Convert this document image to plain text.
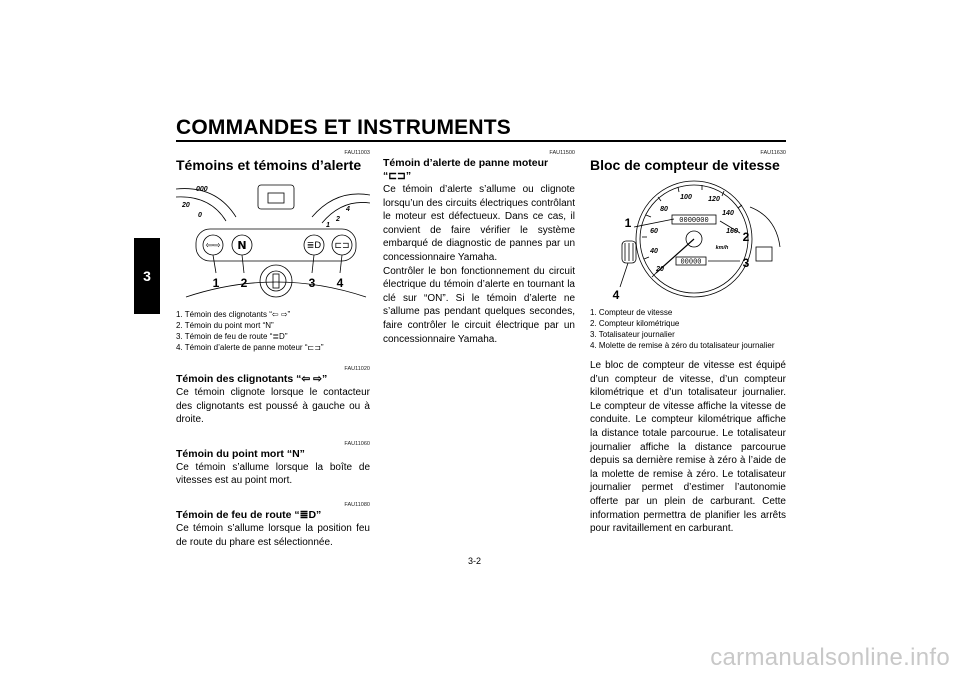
COMMANDES ET INSTRUMENTS
3
FAU11003
Témoins et témoins d’alerte
20
0
4
2
1
000
⇦⇨ N	≣D ⊏⊐
1 2	3 4
1. Témoin des clignotants “⇦ ⇨”
2. Témoin du point mort “N”
3. Témoin de feu de route “≣D”
4. Témoin d’alerte de panne moteur “⊏⊐”
FAU11020
Témoin des clignotants “⇦ ⇨”

Ce témoin clignote lorsque le contacteur des clignotants est poussé à gauche ou à droite.

FAU11060
Témoin du point mort “N”

Ce témoin s’allume lorsque la boîte de vitesses est au point mort.

FAU11080
Témoin de feu de route “≣D”

Ce témoin s’allume lorsque la position feu de route du phare est sélectionnée.

FAU11500
Témoin d’alerte de panne moteur “⊏⊐”

Ce témoin d’alerte s’allume ou clignote lorsqu’un des circuits électriques contrôlant le moteur est défectueux. Dans ce cas, il convient de faire vérifier le système embarqué de diagnostic de pannes par un concessionnaire Yamaha.

Contrôler le bon fonctionnement du circuit électrique du témoin d’alerte en tournant la clé sur “ON”. Si le témoin d’alerte ne s’allume pas pendant quelques secondes, faire contrôler le circuit électrique par un concessionnaire Yamaha.

FAU11630
Bloc de compteur de vitesse
20
40
60
80
100 120
140
160
km/h
0000000
00000
1
2
3
4
1. Compteur de vitesse
2. Compteur kilométrique
3. Totalisateur journalier
4. Molette de remise à zéro du totalisateur journalier

Le bloc de compteur de vitesse est équipé d’un compteur de vitesse, d’un compteur kilométrique et d’un totalisateur journalier. Le compteur de vitesse affiche la vitesse de conduite. Le compteur kilométrique affiche la distance totale parcourue. Le totalisateur journalier affiche la distance parcourue depuis sa dernière remise à zéro à l’aide de la molette de remise à zéro. Le totalisateur journalier permet d’estimer l’autonomie offerte par un plein de carburant. Cette information permettra de planifier les arrêts pour ravitaillement en carburant.

3-2
carmanualsonline.info
